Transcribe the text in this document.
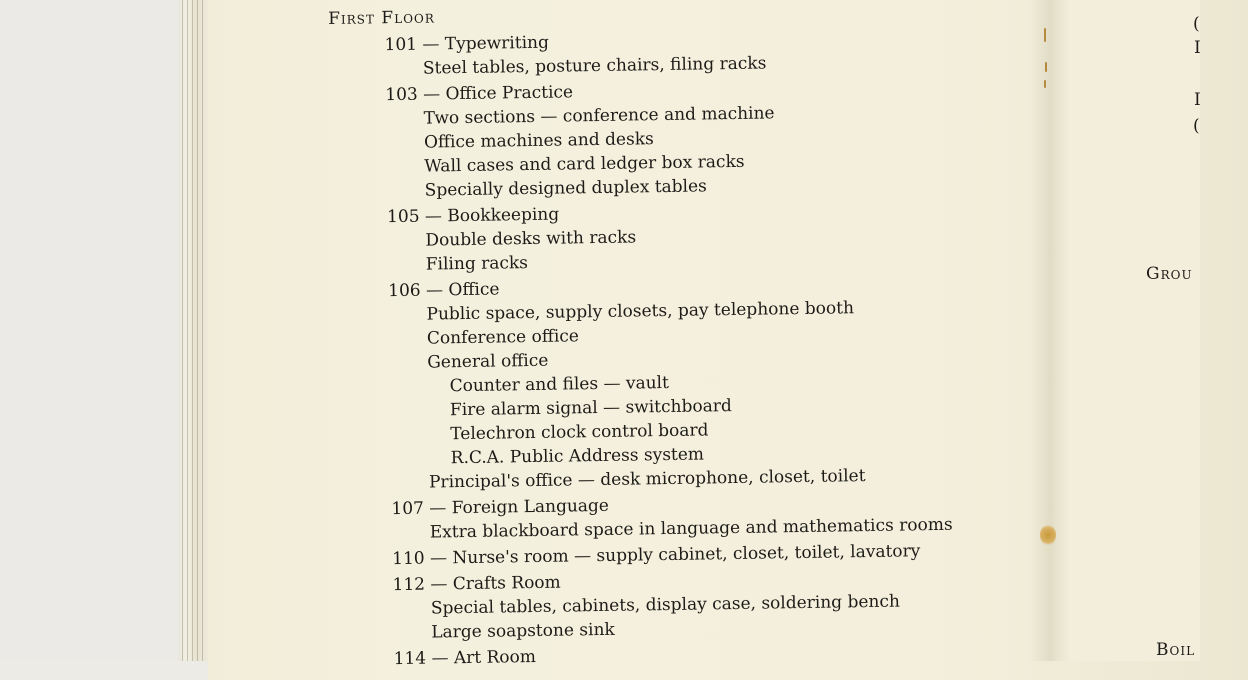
First Floor
101 — Typewriting
Steel tables, posture chairs, filing racks
103 — Office Practice
Two sections — conference and machine
Office machines and desks
Wall cases and card ledger box racks
Specially designed duplex tables
105 — Bookkeeping
Double desks with racks
Filing racks
106 — Office
Public space, supply closets, pay telephone booth
Conference office
General office
Counter and files — vault
Fire alarm signal — switchboard
Telechron clock control board
R.C.A. Public Address system
Principal's office — desk microphone, closet, toilet
107 — Foreign Language
Extra blackboard space in language and mathematics rooms
110 — Nurse's room — supply cabinet, closet, toilet, lavatory
112 — Crafts Room
Special tables, cabinets, display case, soldering bench
Large soapstone sink
114 — Art Room
Grou
Boil
(
I
I
(
